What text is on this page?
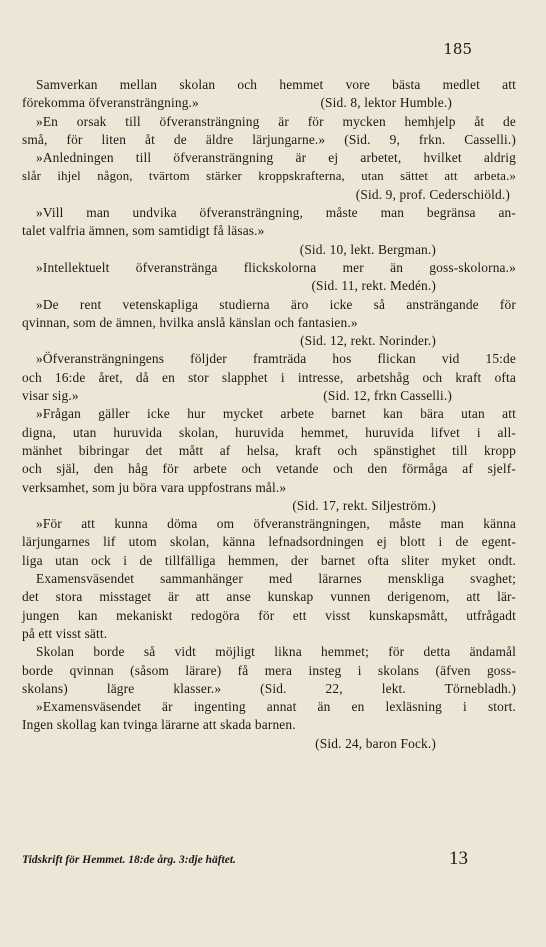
185
Samverkan mellan skolan och hemmet vore bästa medlet att
förekomma öfveransträngning.»	(Sid. 8, lektor Humble.)
»En orsak till öfveransträngning är för mycken hemhjelp åt de
små, för liten åt de äldre lärjungarne.» (Sid. 9, frkn. Casselli.)
»Anledningen till öfveransträngning är ej arbetet, hvilket aldrig
slår ihjel någon, tvärtom stärker kroppskrafterna, utan sättet att arbeta.»
(Sid. 9, prof. Cederschiöld.)
»Vill man undvika öfveransträngning, måste man begränsa an-
talet valfria ämnen, som samtidigt få läsas.»
(Sid. 10, lekt. Bergman.)
»Intellektuelt öfveransträngа flickskolorna mer än goss-skolorna.»
(Sid. 11, rekt. Medén.)
»De rent vetenskapliga studierna äro icke så ansträngande för
qvinnan, som de ämnen, hvilka anslå känslan och fantasien.»
(Sid. 12, rekt. Norinder.)
»Öfveransträngningens följder framträda hos flickan vid 15:de
och 16:de året, då en stor slapphet i intresse, arbetshåg och kraft ofta
visar sig.»	(Sid. 12, frkn Casselli.)
»Frågan gäller icke hur mycket arbete barnet kan bära utan att
digna, utan huruvida skolan, huruvida hemmet, huruvida lifvet i all-
mänhet bibringar det mått af helsa, kraft och spänstighet till kropp
och själ, den håg för arbete och vetande och den förmåga af sjelf-
verksamhet, som ju böra vara uppfostrans mål.»
(Sid. 17, rekt. Siljeström.)
»För att kunna döma om öfveransträngningen, måste man känna
lärjungarnes lif utom skolan, känna lefnadsordningen ej blott i de egent-
liga utan ock i de tillfälliga hemmen, der barnet ofta sliter myket ondt.
Examensväsendet sammanhänger med lärarnes menskliga svaghet;
det stora misstaget är att anse kunskap vunnen derigenom, att lär-
jungen kan mekaniskt redogöra för ett visst kunskapsmått, utfrågadt
på ett visst sätt.
Skolan borde så vidt möjligt likna hemmet; för detta ändamål
borde qvinnan (såsom lärare) få mera insteg i skolans (äfven goss-
skolans) lägre klasser.» (Sid. 22, lekt. Törnebladh.)
»Examensväsendet är ingenting annat än en lexläsning i stort.
Ingen skollag kan tvinga lärarne att skada barnen.
(Sid. 24, baron Fock.)
Tidskrift för Hemmet. 18:de årg. 3:dje häftet.	13
